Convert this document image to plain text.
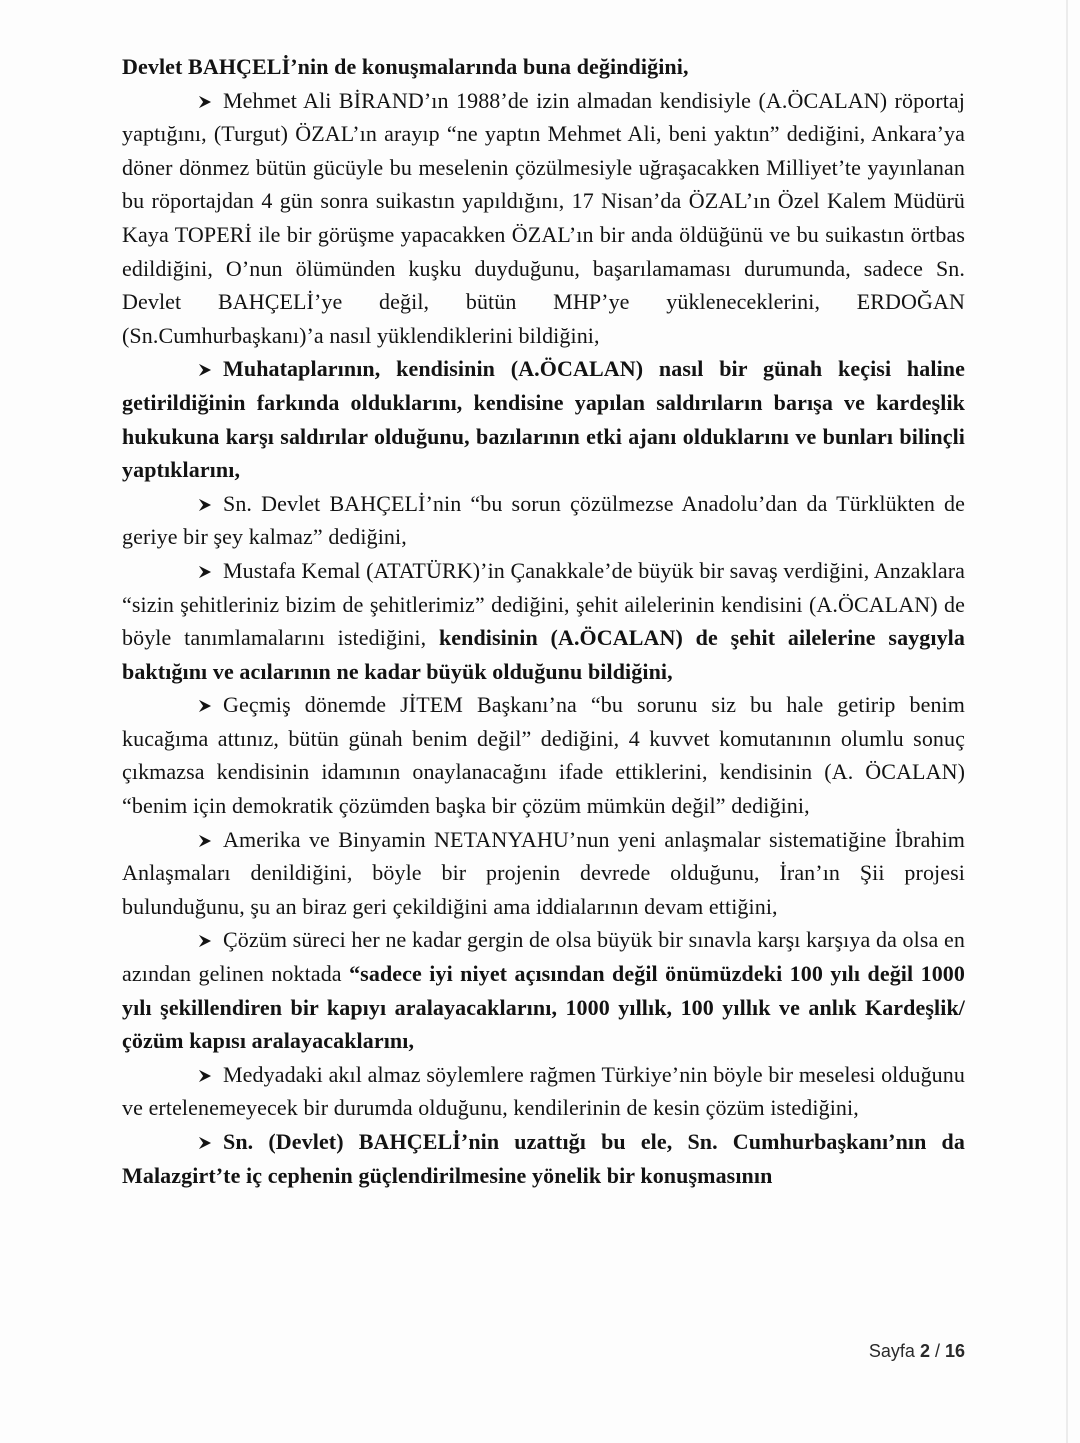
Devlet BAHÇELİ’nin de konuşmalarında buna değindiğini,

Mehmet Ali BİRAND’ın 1988’de izin almadan kendisiyle (A.ÖCALAN) röportaj yaptığını, (Turgut) ÖZAL’ın arayıp “ne yaptın Mehmet Ali, beni yaktın” dediğini, Ankara’ya döner dönmez bütün gücüyle bu meselenin çözülmesiyle uğraşacakken Milliyet’te yayınlanan bu röportajdan 4 gün sonra suikastın yapıldığını, 17 Nisan’da ÖZAL’ın Özel Kalem Müdürü Kaya TOPERİ ile bir görüşme yapacakken ÖZAL’ın bir anda öldüğünü ve bu suikastın örtbas edildiğini, O’nun ölümünden kuşku duyduğunu, başarılamaması durumunda, sadece Sn. Devlet BAHÇELİ’ye değil, bütün MHP’ye yükleneceklerini, ERDOĞAN (Sn.Cumhurbaşkanı)’a nasıl yüklendiklerini bildiğini,

Muhataplarının, kendisinin (A.ÖCALAN) nasıl bir günah keçisi haline getirildiğinin farkında olduklarını, kendisine yapılan saldırıların barışa ve kardeşlik hukukuna karşı saldırılar olduğunu, bazılarının etki ajanı olduklarını ve bunları bilinçli yaptıklarını,

Sn. Devlet BAHÇELİ’nin “bu sorun çözülmezse Anadolu’dan da Türklükten de geriye bir şey kalmaz” dediğini,

Mustafa Kemal (ATATÜRK)’in Çanakkale’de büyük bir savaş verdiğini, Anzaklara “sizin şehitleriniz bizim de şehitlerimiz” dediğini, şehit ailelerinin kendisini (A.ÖCALAN) de böyle tanımlamalarını istediğini, kendisinin (A.ÖCALAN) de şehit ailelerine saygıyla baktığını ve acılarının ne kadar büyük olduğunu bildiğini,

Geçmiş dönemde JİTEM Başkanı’na “bu sorunu siz bu hale getirip benim kucağıma attınız, bütün günah benim değil” dediğini, 4 kuvvet komutanının olumlu sonuç çıkmazsa kendisinin idamının onaylanacağını ifade ettiklerini, kendisinin (A. ÖCALAN) “benim için demokratik çözümden başka bir çözüm mümkün değil” dediğini,

Amerika ve Binyamin NETANYAHU’nun yeni anlaşmalar sistematiğine İbrahim Anlaşmaları denildiğini, böyle bir projenin devrede olduğunu, İran’ın Şii projesi bulunduğunu, şu an biraz geri çekildiğini ama iddialarının devam ettiğini,

Çözüm süreci her ne kadar gergin de olsa büyük bir sınavla karşı karşıya da olsa en azından gelinen noktada “sadece iyi niyet açısından değil önümüzdeki 100 yılı değil 1000 yılı şekillendiren bir kapıyı aralayacaklarını, 1000 yıllık, 100 yıllık ve anlık Kardeşlik/çözüm kapısı aralayacaklarını,

Medyadaki akıl almaz söylemlere rağmen Türkiye’nin böyle bir meselesi olduğunu ve ertelenemeyecek bir durumda olduğunu, kendilerinin de kesin çözüm istediğini,

Sn. (Devlet) BAHÇELİ’nin uzattığı bu ele, Sn. Cumhurbaşkanı’nın da Malazgirt’te iç cephenin güçlendirilmesine yönelik bir konuşmasının

Sayfa 2 / 16
